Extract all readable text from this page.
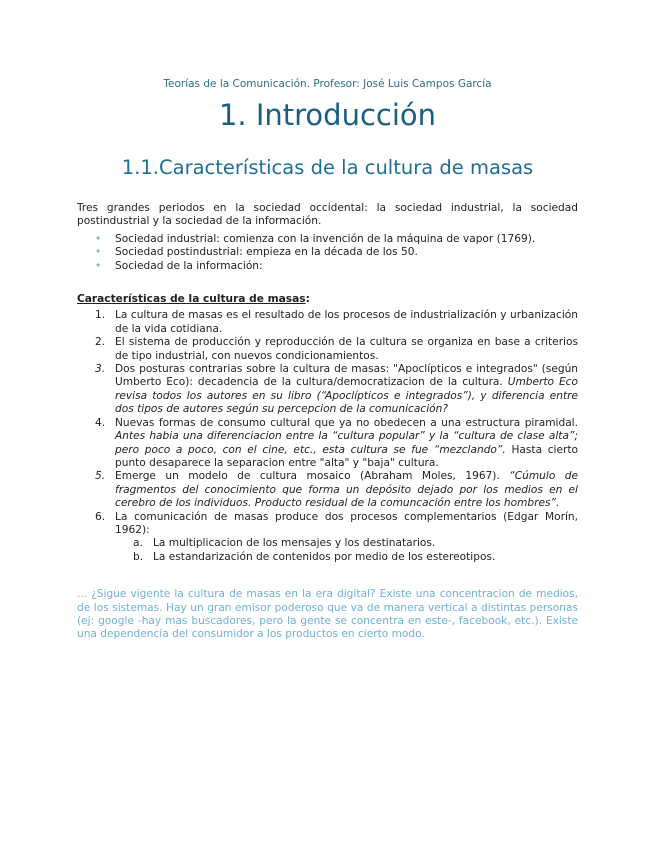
Teorías de la Comunicación. Profesor: José Luis Campos García
1. Introducción
1.1.Características de la cultura de masas

Tres grandes periodos en la sociedad occidental: la sociedad industrial, la sociedad postindustrial y la sociedad de la información.

• Sociedad industrial: comienza con la invención de la máquina de vapor (1769).
• Sociedad postindustrial: empieza en la década de los 50.
• Sociedad de la información:
Características de la cultura de masas:
1. La cultura de masas es el resultado de los procesos de industrialización y urbanización de la vida cotidiana.
2. El sistema de producción y reproducción de la cultura se organiza en base a criterios de tipo industrial, con nuevos condicionamientos.
3. Dos posturas contrarias sobre la cultura de masas: "Apoclípticos e integrados" (según Umberto Eco): decadencia de la cultura/democratizacion de la cultura. Umberto Eco revisa todos los autores en su libro (“Apoclípticos e integrados”), y diferencia entre dos tipos de autores según su percepcion de la comunicación?
4. Nuevas formas de consumo cultural que ya no obedecen a una estructura piramidal. Antes habia una diferenciacion entre la “cultura popular” y la “cultura de clase alta”; pero poco a poco, con el cine, etc., esta cultura se fue “mezclando”. Hasta cierto punto desaparece la separacion entre "alta" y "baja" cultura.
5. Emerge un modelo de cultura mosaico (Abraham Moles, 1967). “Cúmulo de fragmentos del conocimiento que forma un depósito dejado por los medios en el cerebro de los individuos. Producto residual de la comuncación entre los hombres”.
6. La comunicación de masas produce dos procesos complementarios (Edgar Morín, 1962):
a. La multiplicacion de los mensajes y los destinatarios.
b. La estandarización de contenidos por medio de los estereotipos.

... ¿Sigue vigente la cultura de masas en la era digital? Existe una concentracion de medios, de los sistemas. Hay un gran emisor poderoso que va de manera vertical a distintas personas (ej: google -hay mas buscadores, pero la gente se concentra en este-, facebook, etc.). Existe una dependencia del consumidor a los productos en cierto modo.
